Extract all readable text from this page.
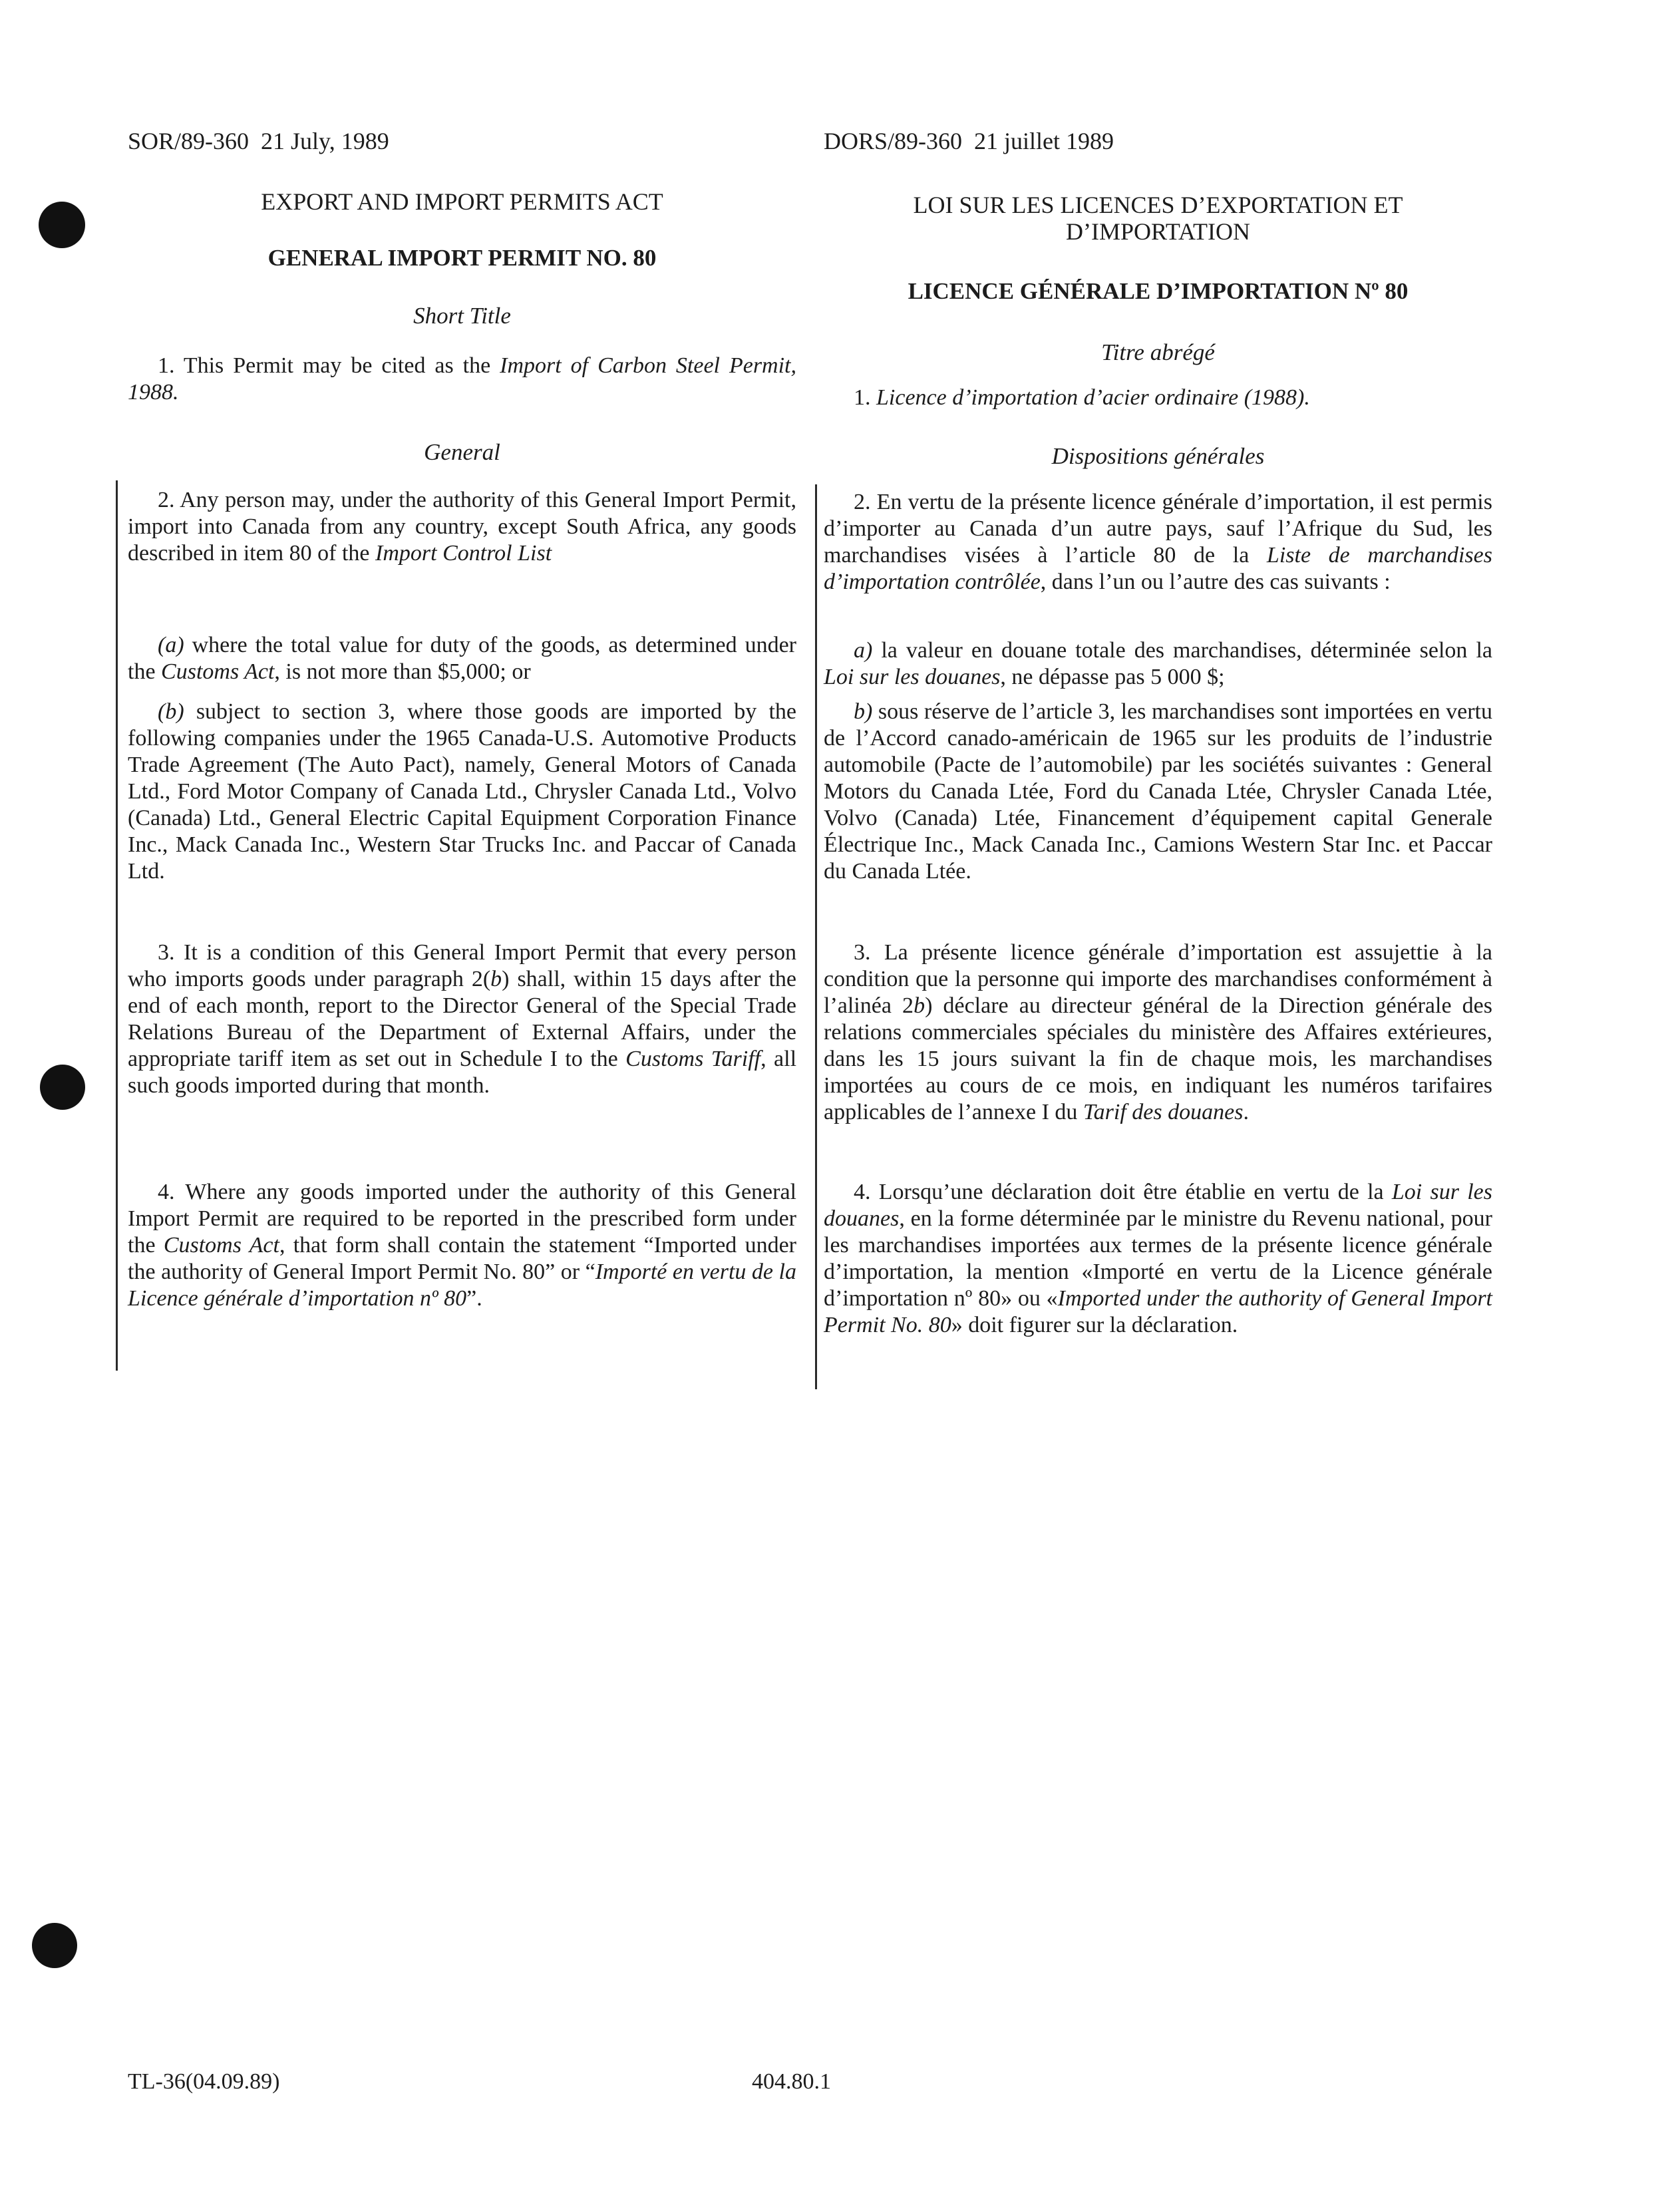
SOR/89-360  21 July, 1989
EXPORT AND IMPORT PERMITS ACT
GENERAL IMPORT PERMIT NO. 80
Short Title
1. This Permit may be cited as the Import of Carbon Steel Permit, 1988.
General
2. Any person may, under the authority of this General Import Permit, import into Canada from any country, except South Africa, any goods described in item 80 of the Import Control List
(a) where the total value for duty of the goods, as determined under the Customs Act, is not more than $5,000; or
(b) subject to section 3, where those goods are imported by the following companies under the 1965 Canada-U.S. Automotive Products Trade Agreement (The Auto Pact), namely, General Motors of Canada Ltd., Ford Motor Company of Canada Ltd., Chrysler Canada Ltd., Volvo (Canada) Ltd., General Electric Capital Equipment Corporation Finance Inc., Mack Canada Inc., Western Star Trucks Inc. and Paccar of Canada Ltd.
3. It is a condition of this General Import Permit that every person who imports goods under paragraph 2(b) shall, within 15 days after the end of each month, report to the Director General of the Special Trade Relations Bureau of the Department of External Affairs, under the appropriate tariff item as set out in Schedule I to the Customs Tariff, all such goods imported during that month.
4. Where any goods imported under the authority of this General Import Permit are required to be reported in the prescribed form under the Customs Act, that form shall contain the statement “Imported under the authority of General Import Permit No. 80” or “Importé en vertu de la Licence générale d’importation nº 80”.
DORS/89-360  21 juillet 1989
LOI SUR LES LICENCES D’EXPORTATION ET
D’IMPORTATION
LICENCE GÉNÉRALE D’IMPORTATION Nº 80
Titre abrégé
1. Licence d’importation d’acier ordinaire (1988).
Dispositions générales
2. En vertu de la présente licence générale d’importation, il est permis d’importer au Canada d’un autre pays, sauf l’Afrique du Sud, les marchandises visées à l’article 80 de la Liste de marchandises d’importation contrôlée, dans l’un ou l’autre des cas suivants :
a) la valeur en douane totale des marchandises, déterminée selon la Loi sur les douanes, ne dépasse pas 5 000 $;
b) sous réserve de l’article 3, les marchandises sont importées en vertu de l’Accord canado-américain de 1965 sur les produits de l’industrie automobile (Pacte de l’automobile) par les sociétés suivantes : General Motors du Canada Ltée, Ford du Canada Ltée, Chrysler Canada Ltée, Volvo (Canada) Ltée, Financement d’équipement capital Generale Électrique Inc., Mack Canada Inc., Camions Western Star Inc. et Paccar du Canada Ltée.
3. La présente licence générale d’importation est assujettie à la condition que la personne qui importe des marchandises conformément à l’alinéa 2b) déclare au directeur général de la Direction générale des relations commerciales spéciales du ministère des Affaires extérieures, dans les 15 jours suivant la fin de chaque mois, les marchandises importées au cours de ce mois, en indiquant les numéros tarifaires applicables de l’annexe I du Tarif des douanes.
4. Lorsqu’une déclaration doit être établie en vertu de la Loi sur les douanes, en la forme déterminée par le ministre du Revenu national, pour les marchandises importées aux termes de la présente licence générale d’importation, la mention «Importé en vertu de la Licence générale d’importation nº 80» ou «Imported under the authority of General Import Permit No. 80» doit figurer sur la déclaration.
TL-36(04.09.89)	404.80.1
